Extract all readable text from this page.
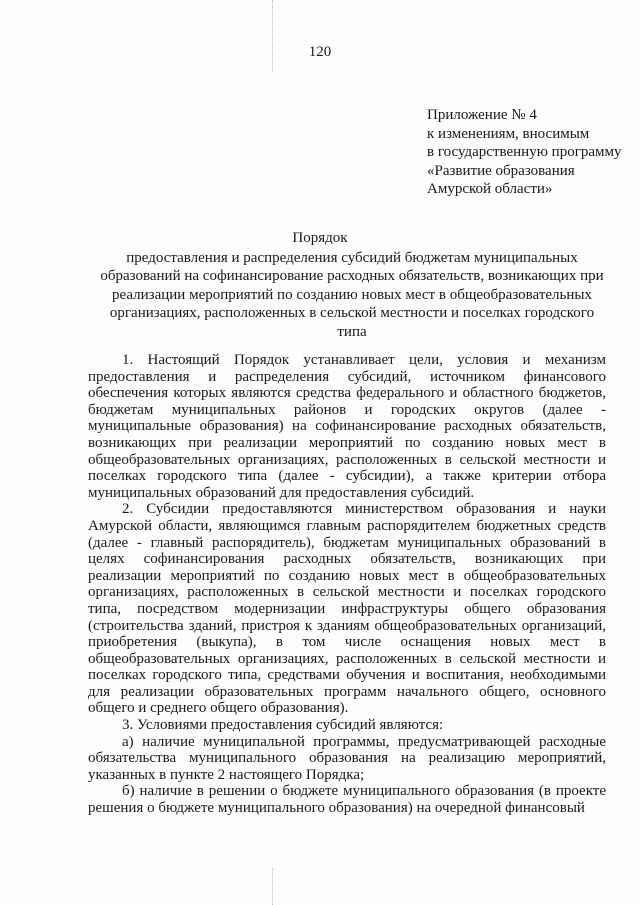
120
Приложение № 4
к изменениям, вносимым
в государственную программу
«Развитие образования
Амурской области»
Порядок
предоставления и распределения субсидий бюджетам муниципальных
образований на софинансирование расходных обязательств, возникающих при
реализации мероприятий по созданию новых мест в общеобразовательных
организациях, расположенных в сельской местности и поселках городского
типа

1. Настоящий Порядок устанавливает цели, условия и механизм предоставления и распределения субсидий, источником финансового обеспечения которых являются средства федерального и областного бюджетов, бюджетам муниципальных районов и городских округов (далее - муниципальные образования) на софинансирование расходных обязательств, возникающих при реализации мероприятий по созданию новых мест в общеобразовательных организациях, расположенных в сельской местности и поселках городского типа (далее - субсидии), а также критерии отбора муниципальных образований для предоставления субсидий.

2. Субсидии предоставляются министерством образования и науки Амурской области, являющимся главным распорядителем бюджетных средств (далее - главный распорядитель), бюджетам муниципальных образований в целях софинансирования расходных обязательств, возникающих при реализации мероприятий по созданию новых мест в общеобразовательных организациях, расположенных в сельской местности и поселках городского типа, посредством модернизации инфраструктуры общего образования (строительства зданий, пристроя к зданиям общеобразовательных организаций, приобретения (выкупа), в том числе оснащения новых мест в общеобразовательных организациях, расположенных в сельской местности и поселках городского типа, средствами обучения и воспитания, необходимыми для реализации образовательных программ начального общего, основного общего и среднего общего образования).

3. Условиями предоставления субсидий являются:

а) наличие муниципальной программы, предусматривающей расходные обязательства муниципального образования на реализацию мероприятий, указанных в пункте 2 настоящего Порядка;

б) наличие в решении о бюджете муниципального образования (в проекте решения о бюджете муниципального образования) на очередной финансовый
